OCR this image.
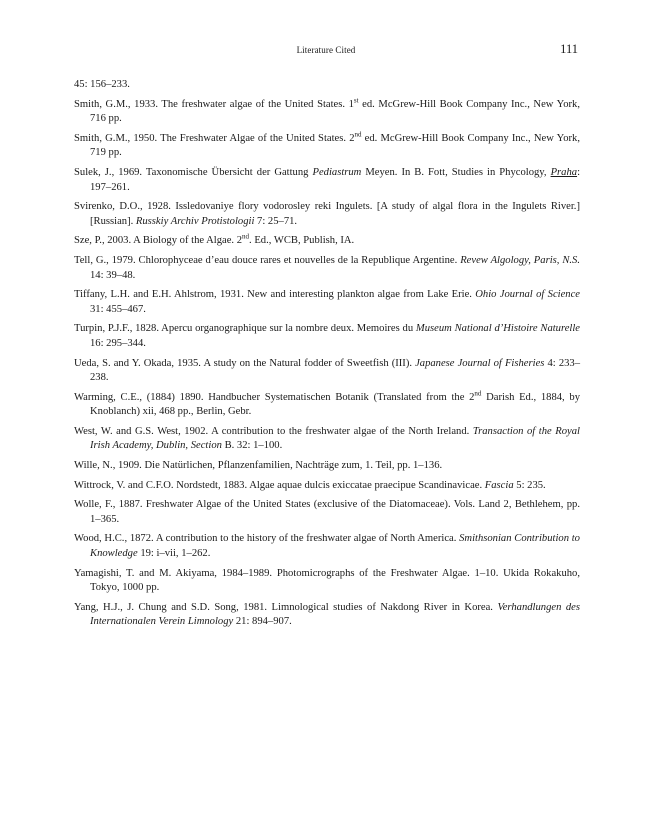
Literature Cited	111

45: 156–233.

Smith, G.M., 1933. The freshwater algae of the United States. 1st ed. McGrew-Hill Book Company Inc., New York, 716 pp.

Smith, G.M., 1950. The Freshwater Algae of the United States. 2nd ed. McGrew-Hill Book Company Inc., New York, 719 pp.

Sulek, J., 1969. Taxonomische Übersicht der Gattung Pediastrum Meyen. In B. Fott, Studies in Phycology, Praha: 197–261.

Svirenko, D.O., 1928. Issledovaniye flory vodorosley reki Ingulets. [A study of algal flora in the Ingulets River.] [Russian]. Russkiy Archiv Protistologii 7: 25–71.

Sze, P., 2003. A Biology of the Algae. 2nd. Ed., WCB, Publish, IA.

Tell, G., 1979. Chlorophyceae d’eau douce rares et nouvelles de la Republique Argentine. Revew Algology, Paris, N.S. 14: 39–48.

Tiffany, L.H. and E.H. Ahlstrom, 1931. New and interesting plankton algae from Lake Erie. Ohio Journal of Science 31: 455–467.

Turpin, P.J.F., 1828. Apercu organographique sur la nombre deux. Memoires du Museum National d’Histoire Naturelle 16: 295–344.

Ueda, S. and Y. Okada, 1935. A study on the Natural fodder of Sweetfish (III). Japanese Journal of Fisheries 4: 233–238.

Warming, C.E., (1884) 1890. Handbucher Systematischen Botanik (Translated from the 2nd Darish Ed., 1884, by Knoblanch) xii, 468 pp., Berlin, Gebr.

West, W. and G.S. West, 1902. A contribution to the freshwater algae of the North Ireland. Transaction of the Royal Irish Academy, Dublin, Section B. 32: 1–100.

Wille, N., 1909. Die Natürlichen, Pflanzenfamilien, Nachträge zum, 1. Teil, pp. 1–136.

Wittrock, V. and C.F.O. Nordstedt, 1883. Algae aquae dulcis exiccatae praecipue Scandinavicae. Fascia 5: 235.

Wolle, F., 1887. Freshwater Algae of the United States (exclusive of the Diatomaceae). Vols. Land 2, Bethlehem, pp. 1–365.

Wood, H.C., 1872. A contribution to the history of the freshwater algae of North America. Smithsonian Contribution to Knowledge 19: i–vii, 1–262.

Yamagishi, T. and M. Akiyama, 1984–1989. Photomicrographs of the Freshwater Algae. 1–10. Ukida Rokakuho, Tokyo, 1000 pp.

Yang, H.J., J. Chung and S.D. Song, 1981. Limnological studies of Nakdong River in Korea. Verhandlungen des Internationalen Verein Limnology 21: 894–907.
